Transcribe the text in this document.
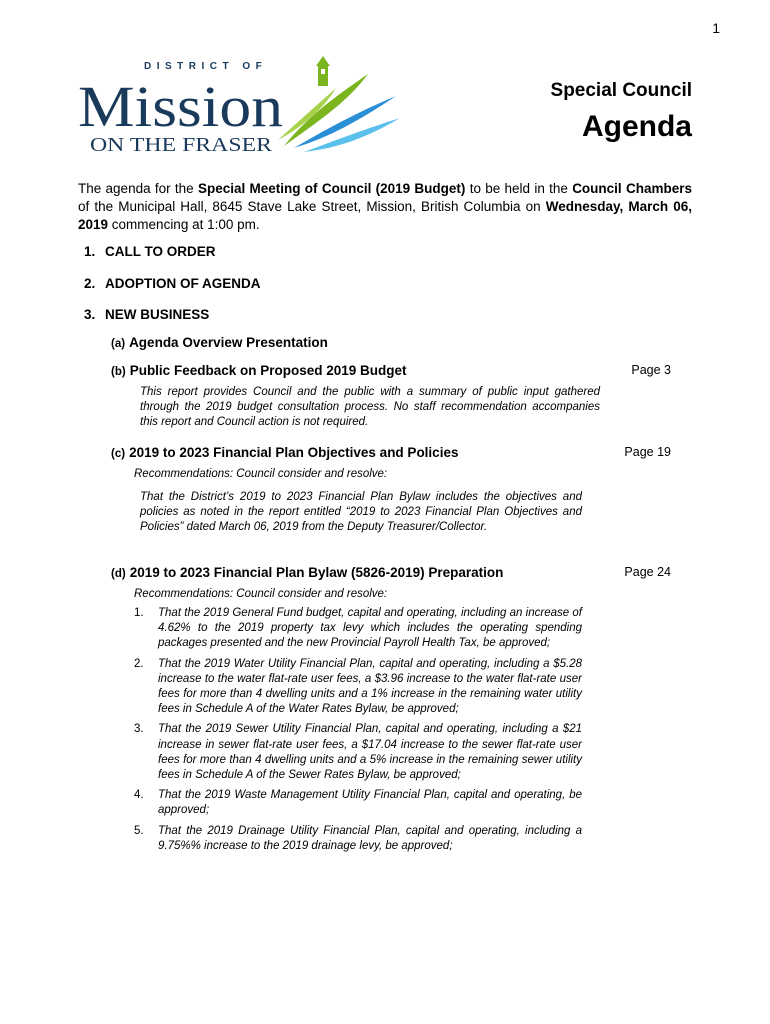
1
DISTRICT OF
Mission
ON THE FRASER
Special Council
Agenda
The agenda for the Special Meeting of Council (2019 Budget) to be held in the Council Chambers of the Municipal Hall, 8645 Stave Lake Street, Mission, British Columbia on Wednesday, March 06, 2019 commencing at 1:00 pm.
1. CALL TO ORDER
2. ADOPTION OF AGENDA
3. NEW BUSINESS
(a) Agenda Overview Presentation
(b) Public Feedback on Proposed 2019 Budget	Page 3
This report provides Council and the public with a summary of public input gathered through the 2019 budget consultation process. No staff recommendation accompanies this report and Council action is not required.
(c) 2019 to 2023 Financial Plan Objectives and Policies	Page 19
Recommendations: Council consider and resolve:
That the District’s 2019 to 2023 Financial Plan Bylaw includes the objectives and policies as noted in the report entitled “2019 to 2023 Financial Plan Objectives and Policies” dated March 06, 2019 from the Deputy Treasurer/Collector.
(d) 2019 to 2023 Financial Plan Bylaw (5826-2019) Preparation	Page 24
Recommendations: Council consider and resolve:
1. That the 2019 General Fund budget, capital and operating, including an increase of 4.62% to the 2019 property tax levy which includes the operating spending packages presented and the new Provincial Payroll Health Tax, be approved;
2. That the 2019 Water Utility Financial Plan, capital and operating, including a $5.28 increase to the water flat-rate user fees, a $3.96 increase to the water flat-rate user fees for more than 4 dwelling units and a 1% increase in the remaining water utility fees in Schedule A of the Water Rates Bylaw, be approved;
3. That the 2019 Sewer Utility Financial Plan, capital and operating, including a $21 increase in sewer flat-rate user fees, a $17.04 increase to the sewer flat-rate user fees for more than 4 dwelling units and a 5% increase in the remaining sewer utility fees in Schedule A of the Sewer Rates Bylaw, be approved;
4. That the 2019 Waste Management Utility Financial Plan, capital and operating, be approved;
5. That the 2019 Drainage Utility Financial Plan, capital and operating, including a 9.75%% increase to the 2019 drainage levy, be approved;
